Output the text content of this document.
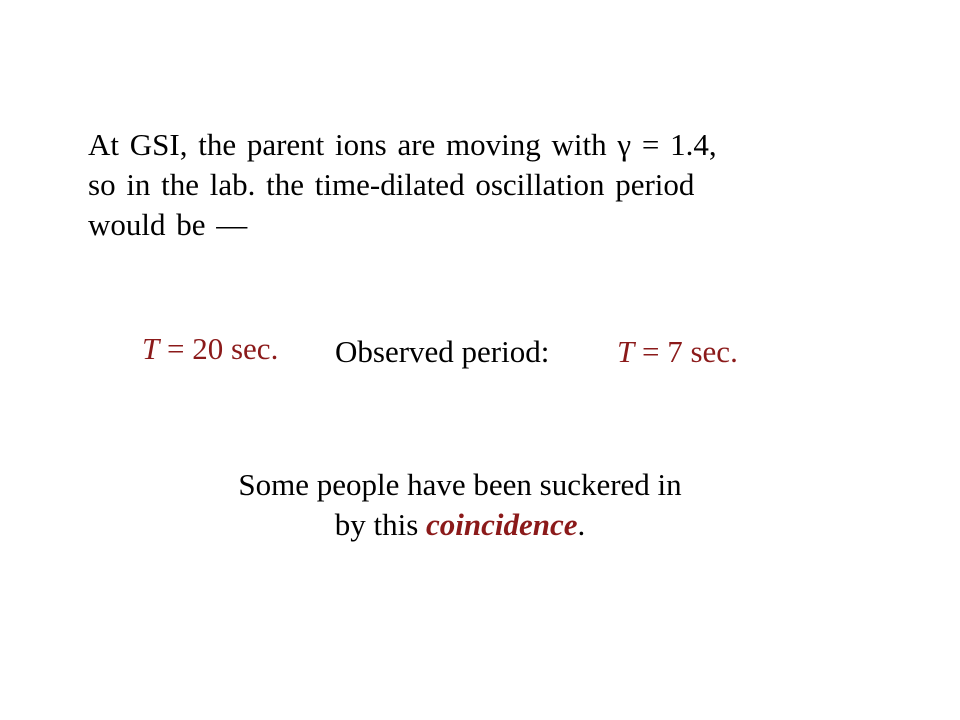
At GSI, the parent ions are moving with γ = 1.4,
so in the lab. the time-dilated oscillation period
would be —
T = 20 sec. Observed period: T = 7 sec.
Some people have been suckered in
by this coincidence.
